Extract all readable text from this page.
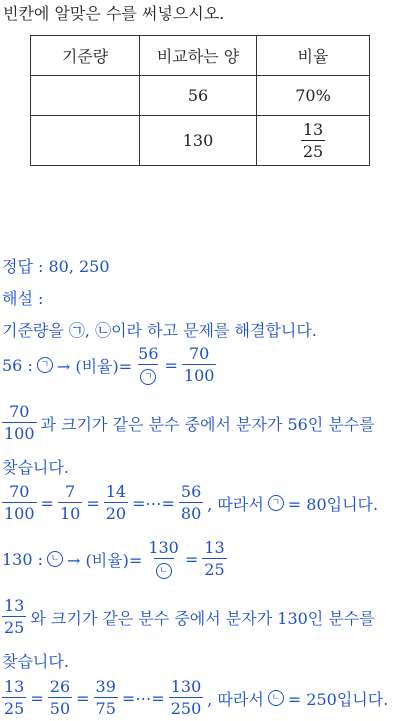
빈칸에 알맞은 수를 써넣으시오.
기준량	비교하는 양	비율
	56	70%
	130	$\frac{13}{25}$
정답 : 80, 250
해설 :
기준량을 ㉠, ㉡이라 하고 문제를 해결합니다.
56 : ㄱ → (비율)= $\frac{56}{\text{ㄱ}} = \frac{70}{100}$
$\frac{70}{100}$ 과 크기가 같은 분수 중에서 분자가 56인 분수를
찾습니다.
$\frac{70}{100} = \frac{7}{10} = \frac{14}{20}$ =⋯= $\frac{56}{80}$ , 따라서 ㄱ = 80입니다.
130 : ㄴ → (비율)= $\frac{130}{\text{ㄴ}} = \frac{13}{25}$
$\frac{13}{25}$ 와 크기가 같은 분수 중에서 분자가 130인 분수를
찾습니다.
$\frac{13}{25} = \frac{26}{50} = \frac{39}{75}$ =⋯= $\frac{130}{250}$ , 따라서 ㄴ = 250입니다.
